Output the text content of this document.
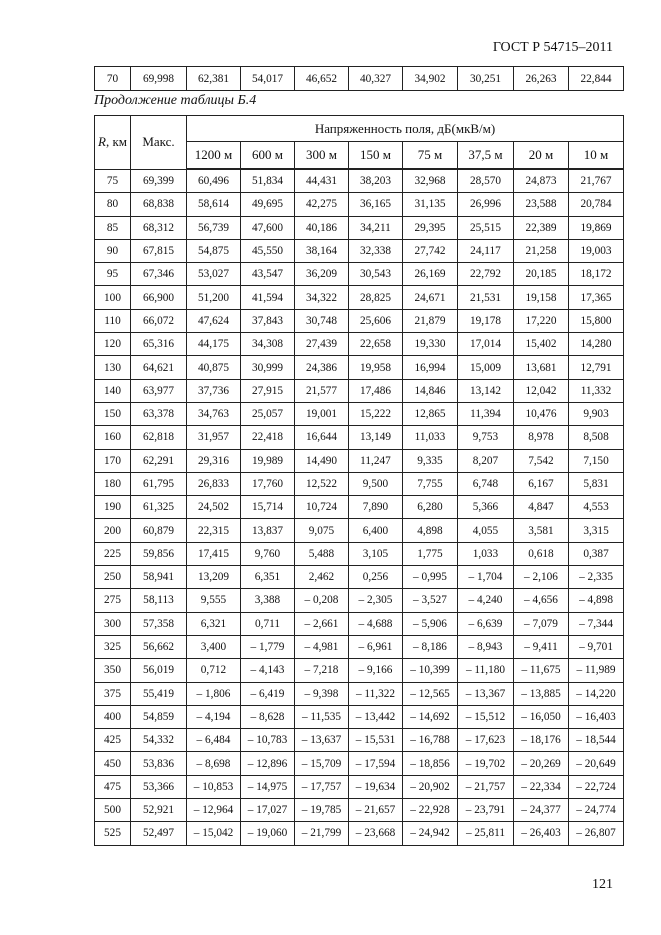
ГОСТ Р 54715–2011
70	69,998	62,381	54,017	46,652	40,327	34,902	30,251	26,263	22,844
Продолжение таблицы Б.4
R, км	Макс.	Напряженность поля, дБ(мкВ/м)							
		1200 м	600 м	300 м	150 м	75 м	37,5 м	20 м	10 м
75	69,399	60,496	51,834	44,431	38,203	32,968	28,570	24,873	21,767
80	68,838	58,614	49,695	42,275	36,165	31,135	26,996	23,588	20,784
85	68,312	56,739	47,600	40,186	34,211	29,395	25,515	22,389	19,869
90	67,815	54,875	45,550	38,164	32,338	27,742	24,117	21,258	19,003
95	67,346	53,027	43,547	36,209	30,543	26,169	22,792	20,185	18,172
100	66,900	51,200	41,594	34,322	28,825	24,671	21,531	19,158	17,365
110	66,072	47,624	37,843	30,748	25,606	21,879	19,178	17,220	15,800
120	65,316	44,175	34,308	27,439	22,658	19,330	17,014	15,402	14,280
130	64,621	40,875	30,999	24,386	19,958	16,994	15,009	13,681	12,791
140	63,977	37,736	27,915	21,577	17,486	14,846	13,142	12,042	11,332
150	63,378	34,763	25,057	19,001	15,222	12,865	11,394	10,476	9,903
160	62,818	31,957	22,418	16,644	13,149	11,033	9,753	8,978	8,508
170	62,291	29,316	19,989	14,490	11,247	9,335	8,207	7,542	7,150
180	61,795	26,833	17,760	12,522	9,500	7,755	6,748	6,167	5,831
190	61,325	24,502	15,714	10,724	7,890	6,280	5,366	4,847	4,553
200	60,879	22,315	13,837	9,075	6,400	4,898	4,055	3,581	3,315
225	59,856	17,415	9,760	5,488	3,105	1,775	1,033	0,618	0,387
250	58,941	13,209	6,351	2,462	0,256	– 0,995	– 1,704	– 2,106	– 2,335
275	58,113	9,555	3,388	– 0,208	– 2,305	– 3,527	– 4,240	– 4,656	– 4,898
300	57,358	6,321	0,711	– 2,661	– 4,688	– 5,906	– 6,639	– 7,079	– 7,344
325	56,662	3,400	– 1,779	– 4,981	– 6,961	– 8,186	– 8,943	– 9,411	– 9,701
350	56,019	0,712	– 4,143	– 7,218	– 9,166	– 10,399	– 11,180	– 11,675	– 11,989
375	55,419	– 1,806	– 6,419	– 9,398	– 11,322	– 12,565	– 13,367	– 13,885	– 14,220
400	54,859	– 4,194	– 8,628	– 11,535	– 13,442	– 14,692	– 15,512	– 16,050	– 16,403
425	54,332	– 6,484	– 10,783	– 13,637	– 15,531	– 16,788	– 17,623	– 18,176	– 18,544
450	53,836	– 8,698	– 12,896	– 15,709	– 17,594	– 18,856	– 19,702	– 20,269	– 20,649
475	53,366	– 10,853	– 14,975	– 17,757	– 19,634	– 20,902	– 21,757	– 22,334	– 22,724
500	52,921	– 12,964	– 17,027	– 19,785	– 21,657	– 22,928	– 23,791	– 24,377	– 24,774
525	52,497	– 15,042	– 19,060	– 21,799	– 23,668	– 24,942	– 25,811	– 26,403	– 26,807
121
